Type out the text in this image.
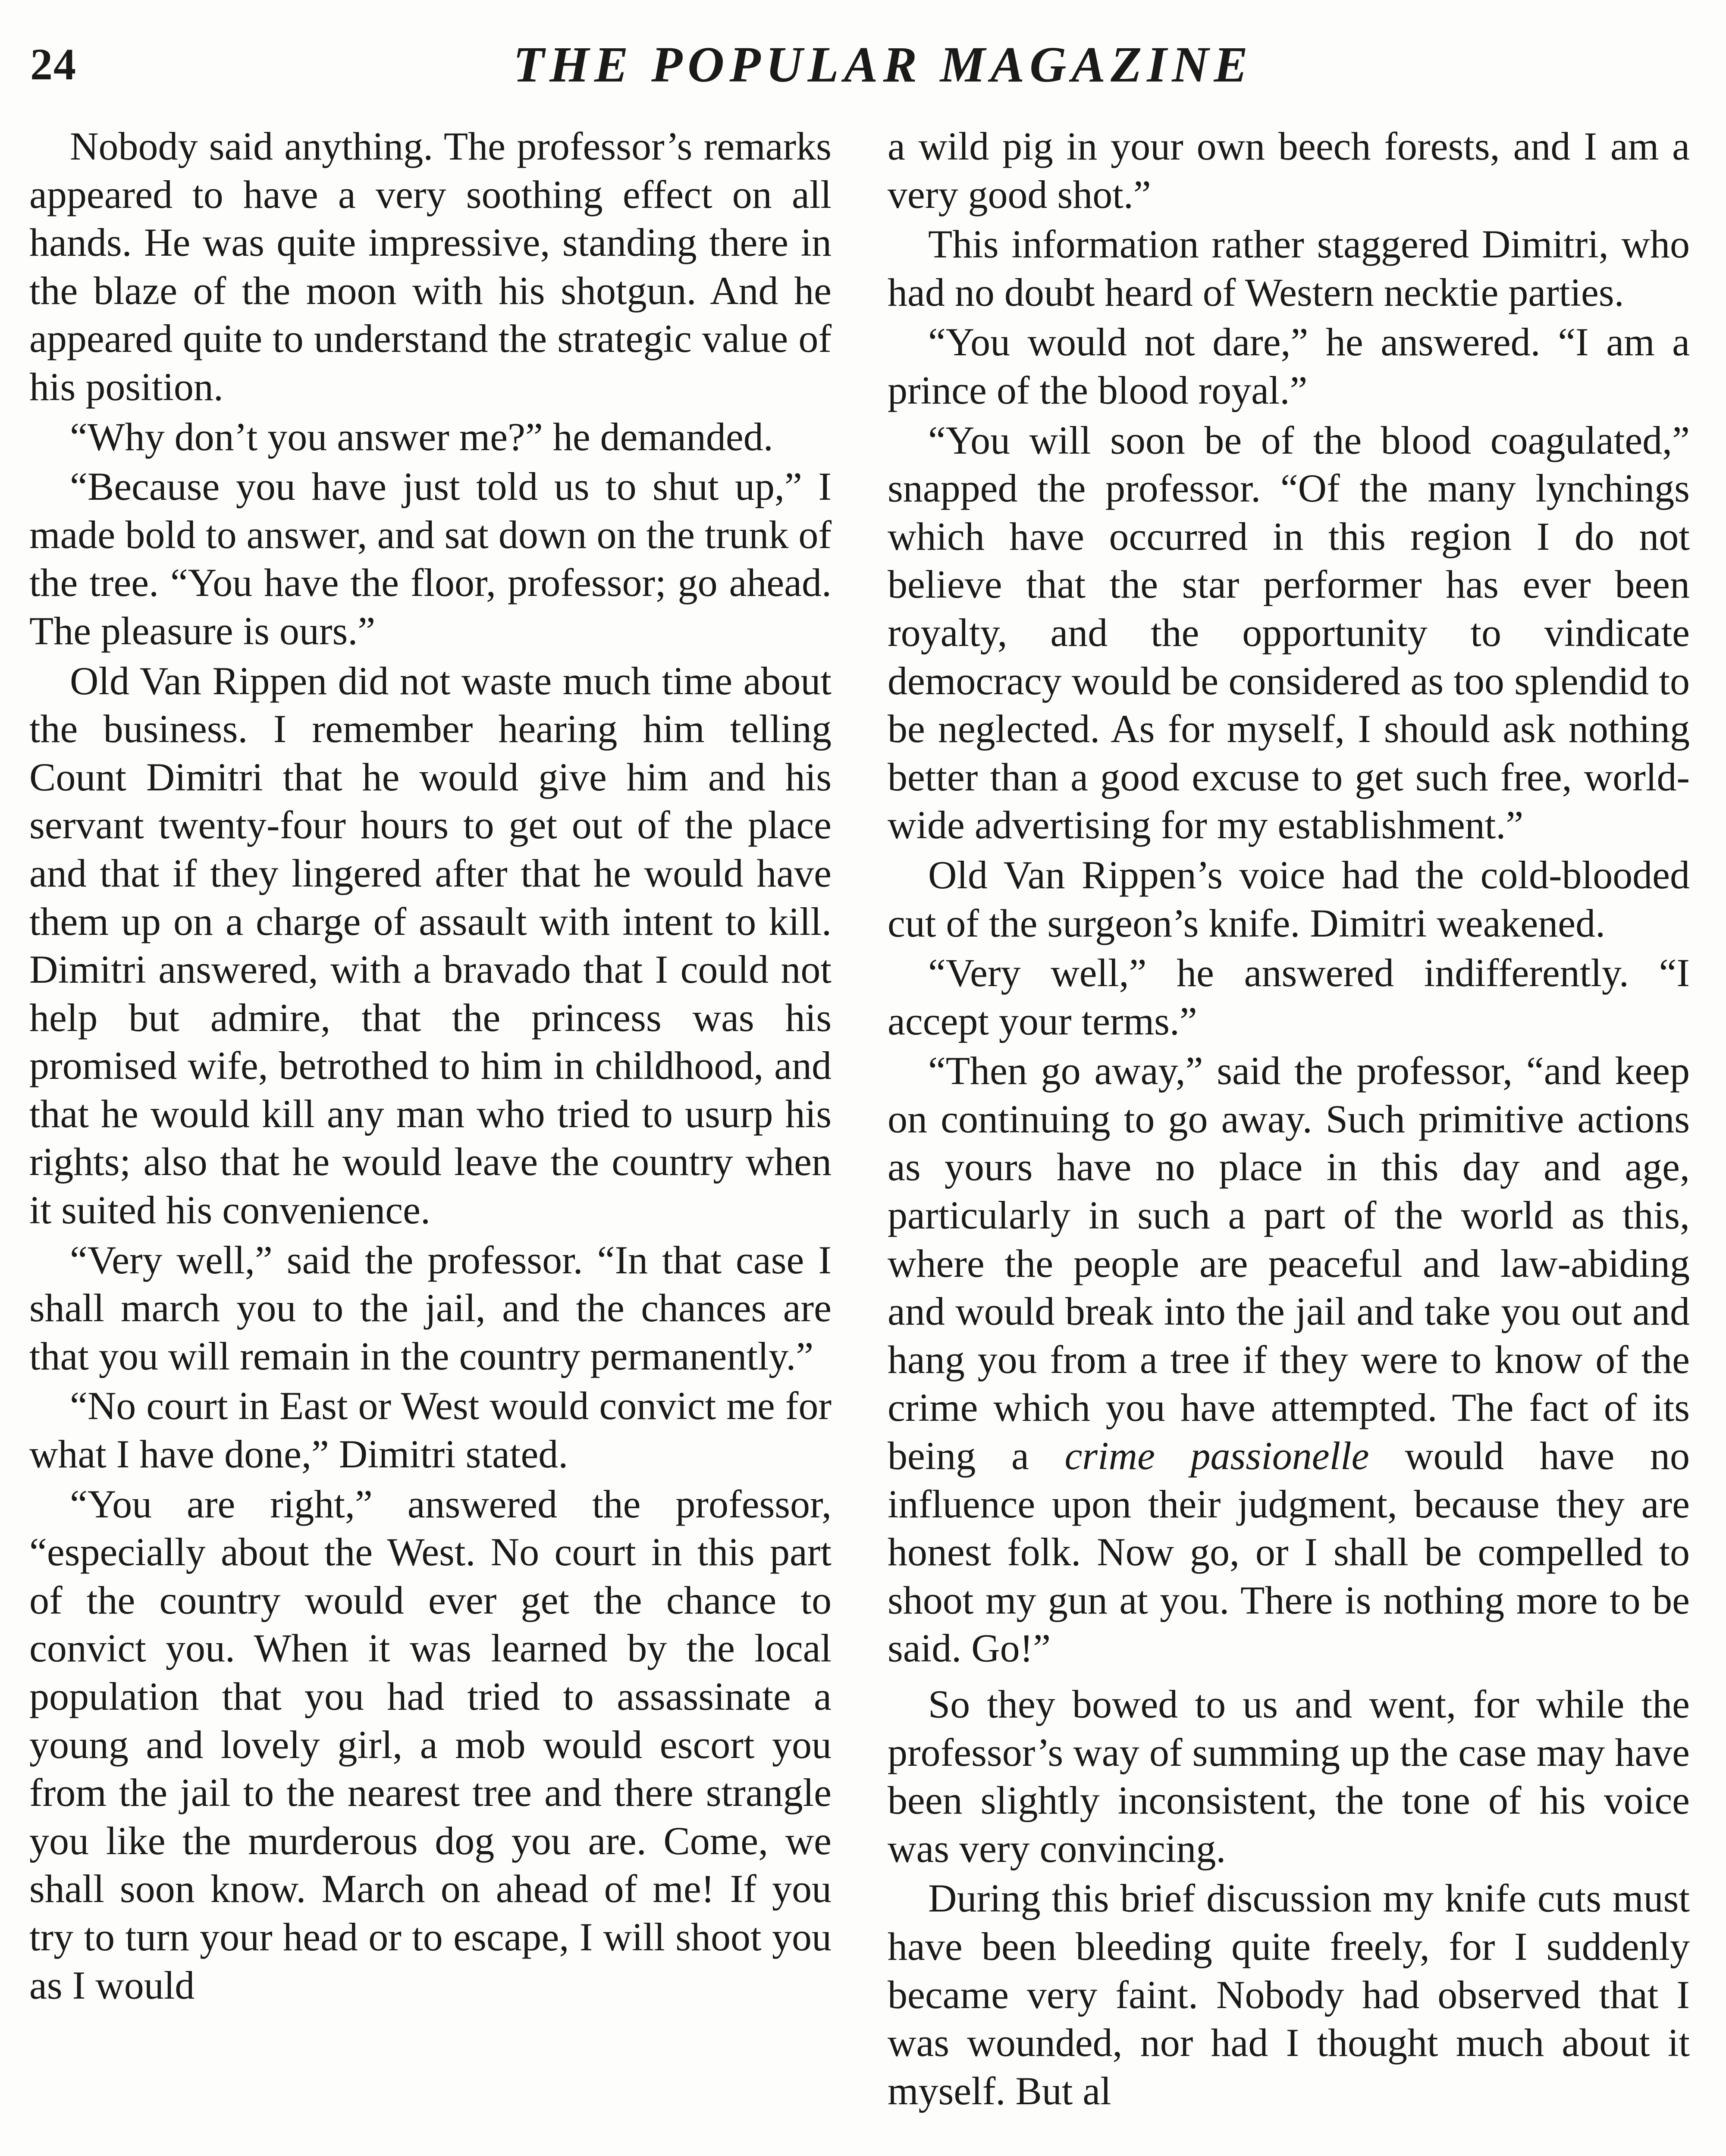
24	THE POPULAR MAGAZINE

Nobody said anything. The professor’s remarks appeared to have a very soothing effect on all hands. He was quite impressive, standing there in the blaze of the moon with his shotgun. And he appeared quite to understand the strategic value of his position.

“Why don’t you answer me?” he demanded.

“Because you have just told us to shut up,” I made bold to answer, and sat down on the trunk of the tree. “You have the floor, professor; go ahead. The pleasure is ours.”

Old Van Rippen did not waste much time about the business. I remember hearing him telling Count Dimitri that he would give him and his servant twenty-four hours to get out of the place and that if they lingered after that he would have them up on a charge of assault with intent to kill. Dimitri answered, with a bravado that I could not help but admire, that the princess was his promised wife, betrothed to him in childhood, and that he would kill any man who tried to usurp his rights; also that he would leave the country when it suited his convenience.

“Very well,” said the professor. “In that case I shall march you to the jail, and the chances are that you will remain in the country permanently.”

“No court in East or West would convict me for what I have done,” Dimitri stated.

“You are right,” answered the professor, “especially about the West. No court in this part of the country would ever get the chance to convict you. When it was learned by the local population that you had tried to assassinate a young and lovely girl, a mob would escort you from the jail to the nearest tree and there strangle you like the murderous dog you are. Come, we shall soon know. March on ahead of me! If you try to turn your head or to escape, I will shoot you as I would

a wild pig in your own beech forests, and I am a very good shot.”

This information rather staggered Dimitri, who had no doubt heard of Western necktie parties.

“You would not dare,” he answered. “I am a prince of the blood royal.”

“You will soon be of the blood coagulated,” snapped the professor. “Of the many lynchings which have occurred in this region I do not believe that the star performer has ever been royalty, and the opportunity to vindicate democracy would be considered as too splendid to be neglected. As for myself, I should ask nothing better than a good excuse to get such free, world-wide advertising for my establishment.”

Old Van Rippen’s voice had the cold-blooded cut of the surgeon’s knife. Dimitri weakened.

“Very well,” he answered indifferently. “I accept your terms.”

“Then go away,” said the professor, “and keep on continuing to go away. Such primitive actions as yours have no place in this day and age, particularly in such a part of the world as this, where the people are peaceful and law-abiding and would break into the jail and take you out and hang you from a tree if they were to know of the crime which you have attempted. The fact of its being a crime passionelle would have no influence upon their judgment, because they are honest folk. Now go, or I shall be compelled to shoot my gun at you. There is nothing more to be said. Go!”

So they bowed to us and went, for while the professor’s way of summing up the case may have been slightly inconsistent, the tone of his voice was very convincing.

During this brief discussion my knife cuts must have been bleeding quite freely, for I suddenly became very faint. Nobody had observed that I was wounded, nor had I thought much about it myself. But al
